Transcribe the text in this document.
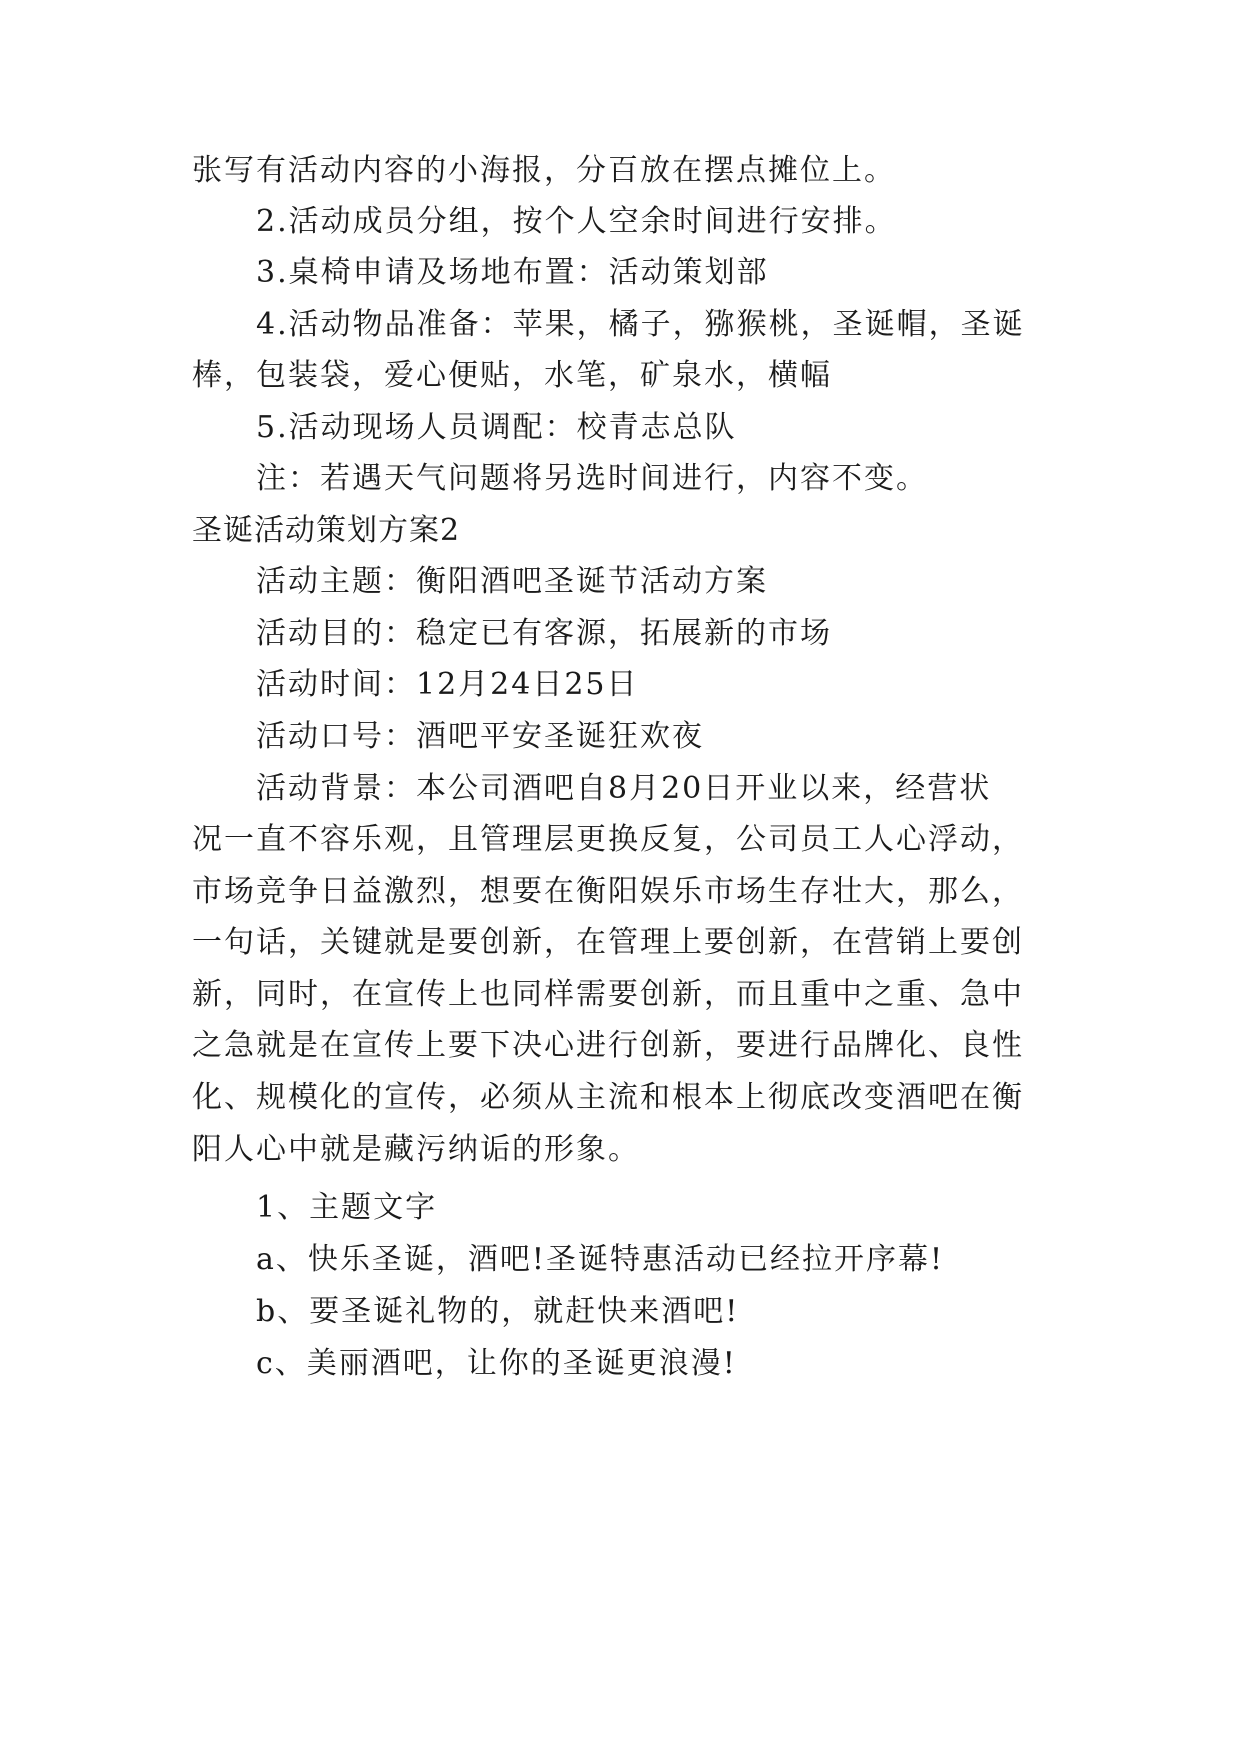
张写有活动内容的小海报，分百放在摆点摊位上。
2.活动成员分组，按个人空余时间进行安排。
3.桌椅申请及场地布置：活动策划部
4.活动物品准备：苹果，橘子，猕猴桃，圣诞帽，圣诞
棒，包装袋，爱心便贴，水笔，矿泉水，横幅
5.活动现场人员调配：校青志总队
注：若遇天气问题将另选时间进行，内容不变。
圣诞活动策划方案2
活动主题：衡阳酒吧圣诞节活动方案
活动目的：稳定已有客源，拓展新的市场
活动时间：12月24日25日
活动口号：酒吧平安圣诞狂欢夜
活动背景：本公司酒吧自8月20日开业以来，经营状
况一直不容乐观，且管理层更换反复，公司员工人心浮动，
市场竞争日益激烈，想要在衡阳娱乐市场生存壮大，那么，
一句话，关键就是要创新，在管理上要创新，在营销上要创
新，同时，在宣传上也同样需要创新，而且重中之重、急中
之急就是在宣传上要下决心进行创新，要进行品牌化、良性
化、规模化的宣传，必须从主流和根本上彻底改变酒吧在衡
阳人心中就是藏污纳诟的形象。
1、主题文字
a、快乐圣诞，酒吧!圣诞特惠活动已经拉开序幕!
b、要圣诞礼物的，就赶快来酒吧!
c、美丽酒吧，让你的圣诞更浪漫!
